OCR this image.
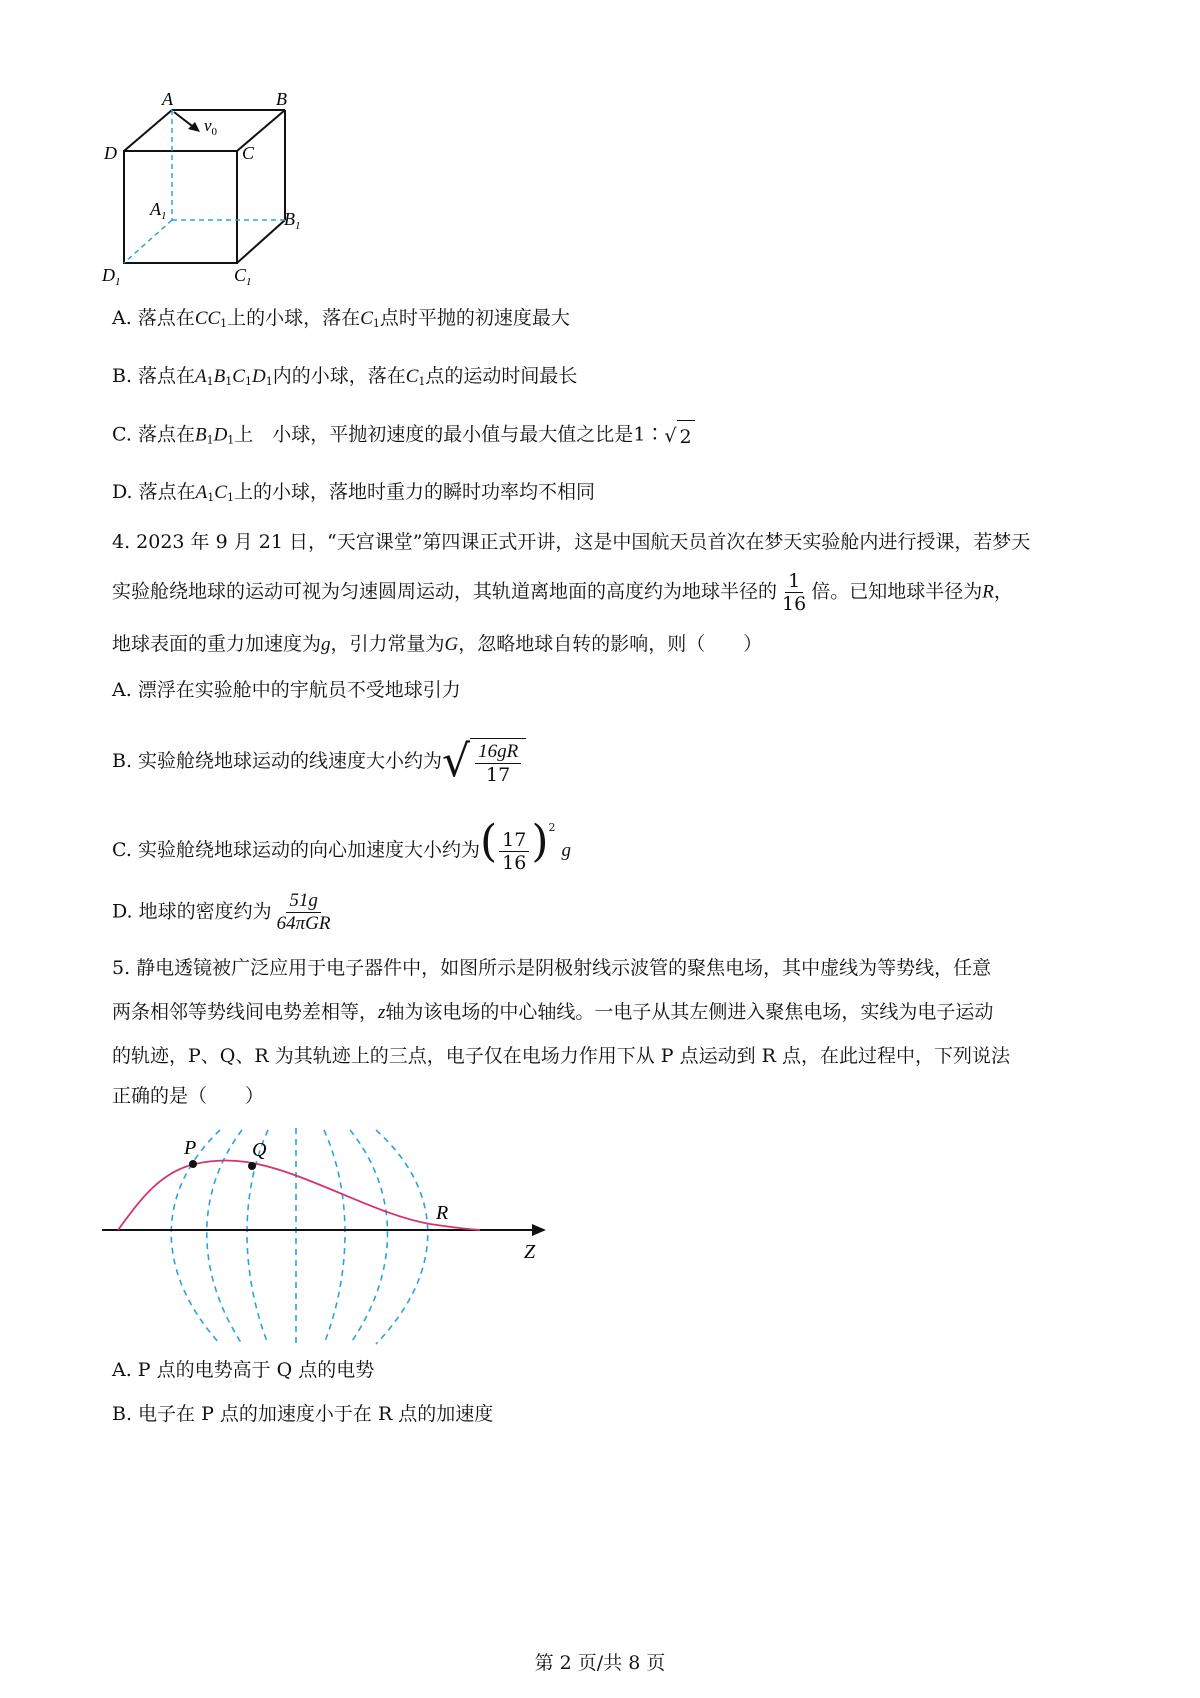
A	B
D	C
$A_1$	$B_1$
$D_1$	$C_1$
$v_0$
A. 落点在$CC_1$上的小球，落在$C_1$点时平抛的初速度最大
B. 落点在$A_1B_1C_1D_1$内的小球，落在$C_1$点的运动时间最长
C. 落点在$B_1D_1$上　小球，平抛初速度的最小值与最大值之比是1∶ √ 2
D. 落点在$A_1C_1$上的小球，落地时重力的瞬时功率均不相同
4. 2023 年 9 月 21 日，“天宫课堂”第四课正式开讲，这是中国航天员首次在梦天实验舱内进行授课，若梦天
实验舱绕地球的运动可视为匀速圆周运动，其轨道离地面的高度约为地球半径的 $\frac{1}{16}$ 倍。已知地球半径为R，
地球表面的重力加速度为g，引力常量为G，忽略地球自转的影响，则（　　）
A. 漂浮在实验舱中的宇航员不受地球引力
B. 实验舱绕地球运动的线速度大小约为 √ $\frac{16gR}{17}$
C. 实验舱绕地球运动的向心加速度大小约为( $\frac{17}{16} )^2$ g
D. 地球的密度约为 $\frac{51g}{\text{64πGR}}$
5. 静电透镜被广泛应用于电子器件中，如图所示是阴极射线示波管的聚焦电场，其中虚线为等势线，任意
两条相邻等势线间电势差相等，z轴为该电场的中心轴线。一电子从其左侧进入聚焦电场，实线为电子运动
的轨迹，P、Q、R 为其轨迹上的三点，电子仅在电场力作用下从 P 点运动到 R 点，在此过程中，下列说法
正确的是（　　）
P	Q
R
Z
A. P 点的电势高于 Q 点的电势
B. 电子在 P 点的加速度小于在 R 点的加速度
第 2 页/共 8 页
